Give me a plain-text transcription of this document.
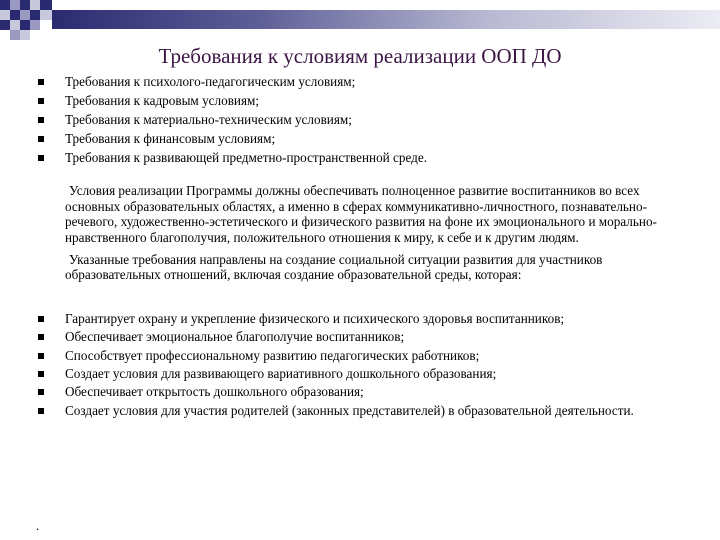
Требования к условиям реализации ООП ДО
Требования к психолого-педагогическим условиям;
Требования к кадровым условиям;
Требования к материально-техническим условиям;
Требования к финансовым условиям;
Требования к развивающей предметно-пространственной среде.

Условия реализации Программы должны обеспечивать полноценное развитие воспитанников во всех основных образовательных областях, а именно в сферах коммуникативно-личностного, познавательно-речевого, художественно-эстетического и физического развития на фоне их эмоционального и морально-нравственного благополучия, положительного отношения к миру, к себе и к другим людям.

Указанные требования направлены на создание социальной ситуации развития для участников образовательных отношений, включая создание образовательной среды, которая:

Гарантирует охрану и укрепление физического и психического здоровья воспитанников;
Обеспечивает эмоциональное благополучие воспитанников;
Способствует профессиональному развитию педагогических работников;
Создает условия для развивающего вариативного дошкольного образования;
Обеспечивает открытость дошкольного образования;
Создает условия для участия родителей (законных представителей) в образовательной деятельности.
.
